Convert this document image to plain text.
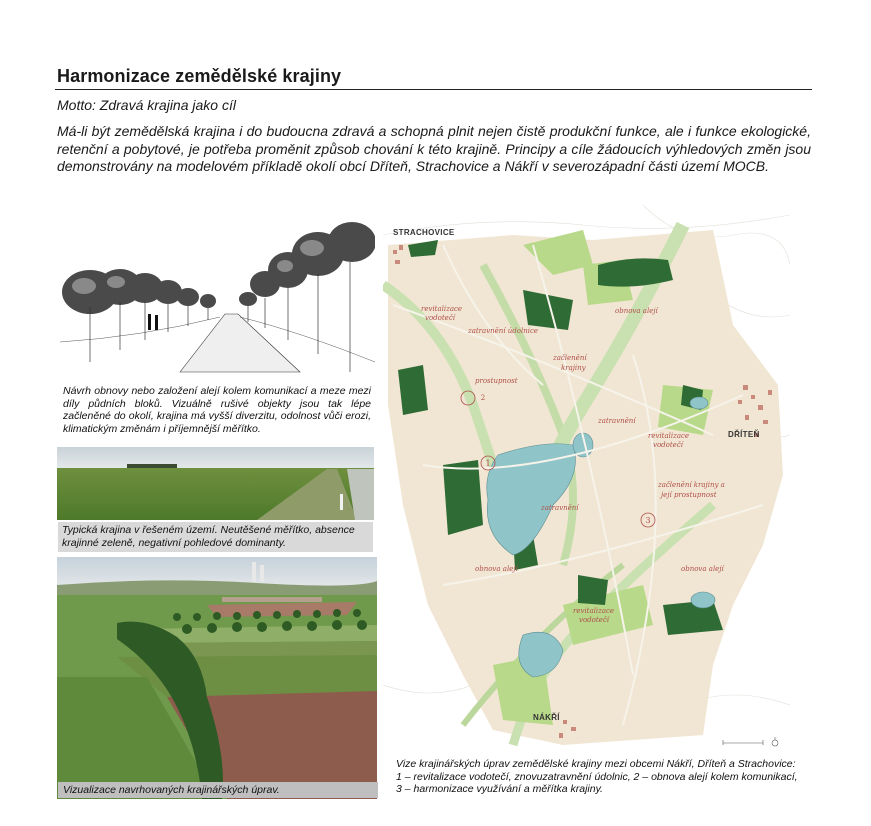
Harmonizace zemědělské krajiny
Motto: Zdravá krajina jako cíl
Má-li být zemědělská krajina i do budoucna zdravá a schopná plnit nejen čistě produkční funkce, ale i funkce ekologické, retenční a pobytové, je potřeba proměnit způsob chování k této krajině. Principy a cíle žádoucích výhledových změn jsou demonstrovány na modelovém příkladě okolí obcí Dříteň, Strachovice a Nákří v severozápadní části území MOCB.
Návrh obnovy nebo založení alejí kolem komunikací a meze mezi díly půdních bloků. Vizuálně rušivé objekty jsou tak lépe začleněné do okolí, krajina má vyšší diverzitu, odolnost vůči erozi, klimatickým změnám i příjemnější měřítko.
Typická krajina v řešeném území. Neutěšené měřítko, absence krajinné zeleně, negativní pohledové dominanty.
Vizualizace navrhovaných krajinářských úprav.
2
1
3
STRACHOVICE
DŘÍTEŇ
NÁKŘÍ
revitalizace
vodotečí
zatravnění údolnice
obnova alejí
začlenění
krajiny
prostupnost
zatravnění
revitalizace
vodotečí
začlenění krajiny a
její prostupnost
zatravnění
obnova alejí	obnova alejí
revitalizace
vodotečí
Vize krajinářských úprav zemědělské krajiny mezi obcemi Nákří, Dříteň a Strachovice: 1 – revitalizace vodotečí, znovuzatravnění údolnic, 2 – obnova alejí kolem komunikací, 3 – harmonizace využívání a měřítka krajiny.
